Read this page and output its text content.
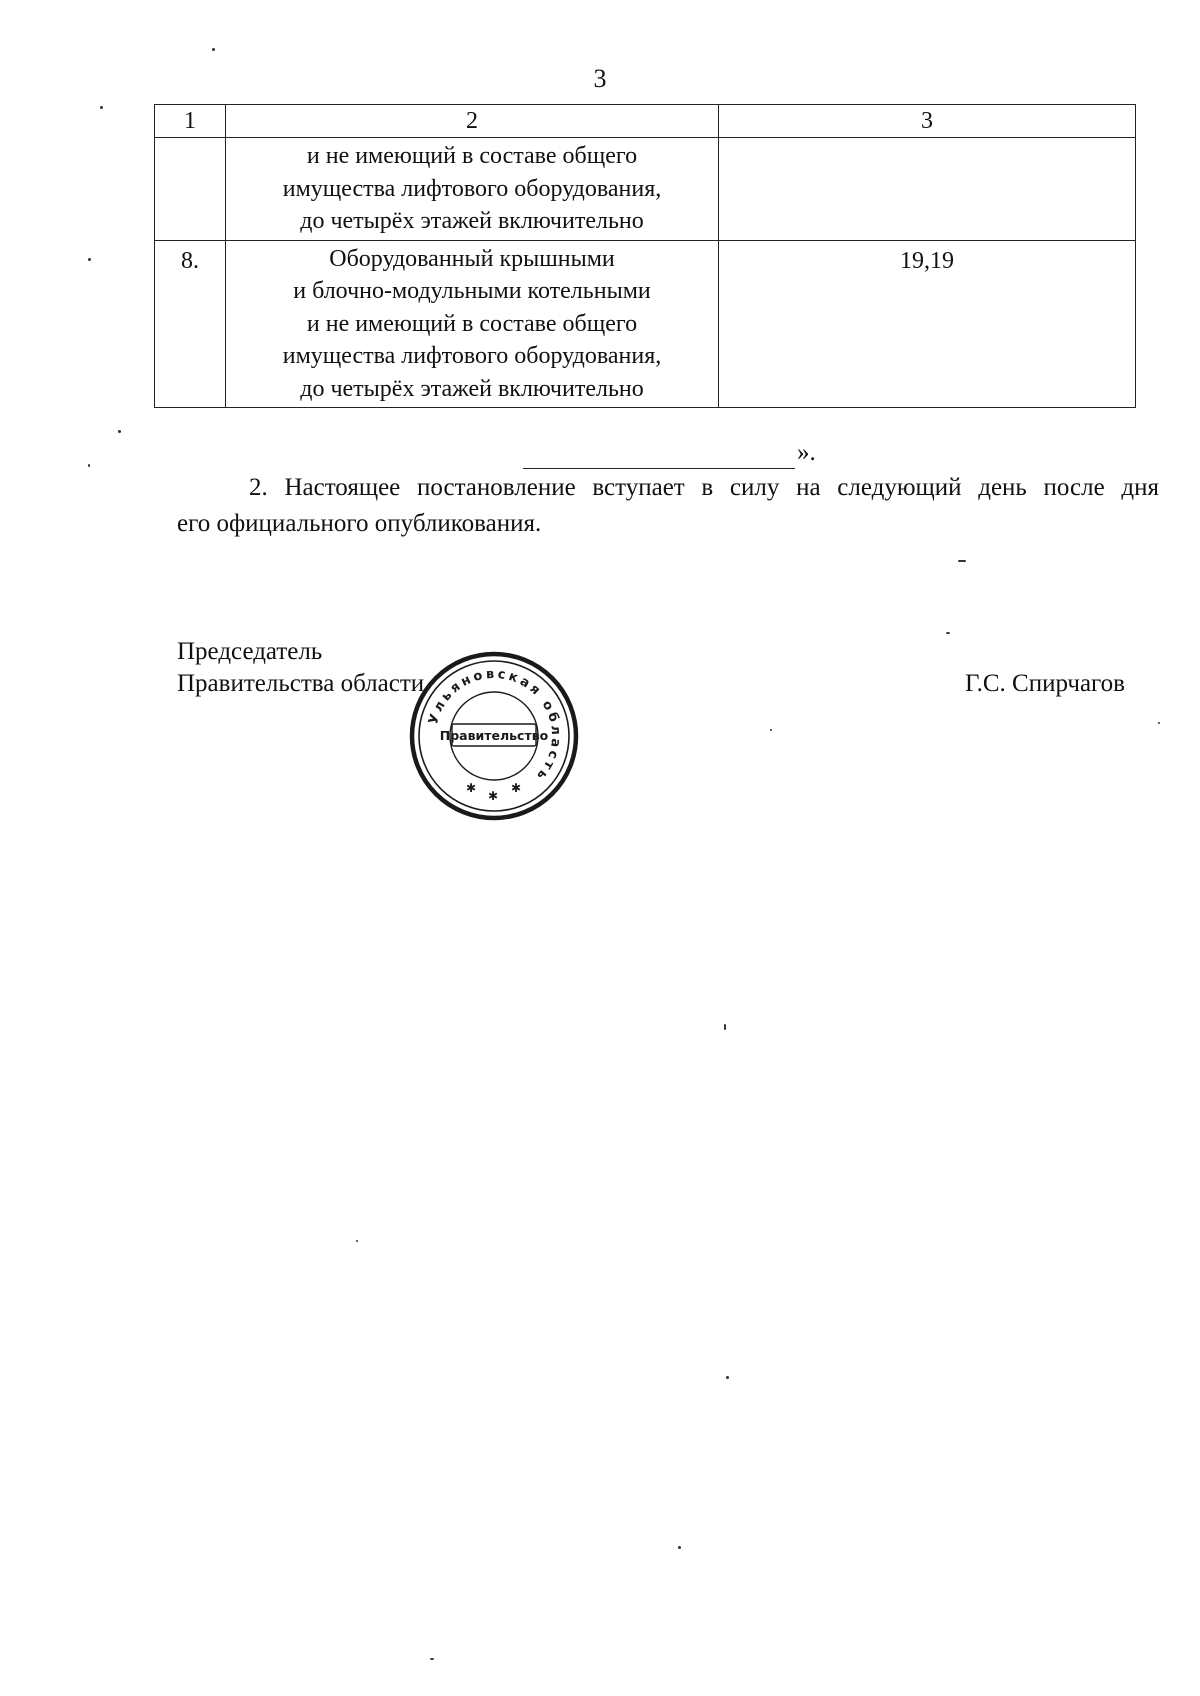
3
1	2	3

	и не имеющий в составе общего
имущества лифтового оборудования,
до четырёх этажей включительно	

8.	Оборудованный крышными
и блочно-модульными котельными
и не имеющий в составе общего
имущества лифтового оборудования,
до четырёх этажей включительно	19,19
».
2. Настоящее постановление вступает в силу на следующий день после дня
его официального опубликования.
Председатель
Правительства области	Г.С. Спирчагов
Ульяновская область
Правительство
✱
✱
✱
